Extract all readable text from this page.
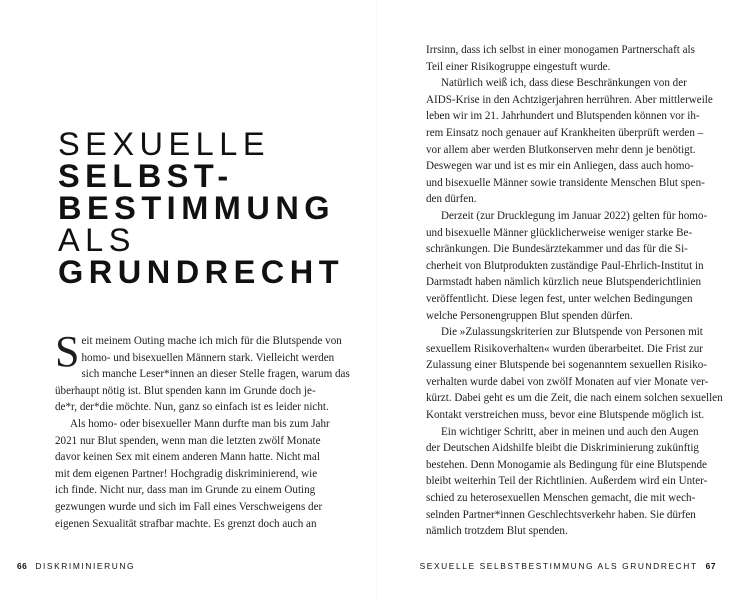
SEXUELLE
SELBST-
BESTIMMUNG
ALS
GRUNDRECHT
S eit meinem Outing mache ich mich für die Blutspende von

homo- und bisexuellen Männern stark. Vielleicht werden

sich manche Leser*innen an dieser Stelle fragen, warum das

überhaupt nötig ist. Blut spenden kann im Grunde doch je-

de*r, der*die möchte. Nun, ganz so einfach ist es leider nicht.

Als homo- oder bisexueller Mann durfte man bis zum Jahr

2021 nur Blut spenden, wenn man die letzten zwölf Monate

davor keinen Sex mit einem anderen Mann hatte. Nicht mal

mit dem eigenen Partner! Hochgradig diskriminierend, wie

ich finde. Nicht nur, dass man im Grunde zu einem Outing

gezwungen wurde und sich im Fall eines Verschweigens der

eigenen Sexualität strafbar machte. Es grenzt doch auch an

Irrsinn, dass ich selbst in einer monogamen Partnerschaft als

Teil einer Risikogruppe eingestuft wurde.

Natürlich weiß ich, dass diese Beschränkungen von der

AIDS-Krise in den Achtzigerjahren herrühren. Aber mittlerweile

leben wir im 21. Jahrhundert und Blutspenden können vor ih-

rem Einsatz noch genauer auf Krankheiten überprüft werden –

vor allem aber werden Blutkonserven mehr denn je benötigt.

Deswegen war und ist es mir ein Anliegen, dass auch homo-

und bisexuelle Männer sowie transidente Menschen Blut spen-

den dürfen.

Derzeit (zur Drucklegung im Januar 2022) gelten für homo-

und bisexuelle Männer glücklicherweise weniger starke Be-

schränkungen. Die Bundesärztekammer und das für die Si-

cherheit von Blutprodukten zuständige Paul-Ehrlich-Institut in

Darmstadt haben nämlich kürzlich neue Blutspenderichtlinien

veröffentlicht. Diese legen fest, unter welchen Bedingungen

welche Personengruppen Blut spenden dürfen.

Die »Zulassungskriterien zur Blutspende von Personen mit

sexuellem Risikoverhalten« wurden überarbeitet. Die Frist zur

Zulassung einer Blutspende bei sogenanntem sexuellen Risiko-

verhalten wurde dabei von zwölf Monaten auf vier Monate ver-

kürzt. Dabei geht es um die Zeit, die nach einem solchen sexuellen

Kontakt verstreichen muss, bevor eine Blutspende möglich ist.

Ein wichtiger Schritt, aber in meinen und auch den Augen

der Deutschen Aidshilfe bleibt die Diskriminierung zukünftig

bestehen. Denn Monogamie als Bedingung für eine Blutspende

bleibt weiterhin Teil der Richtlinien. Außerdem wird ein Unter-

schied zu heterosexuellen Menschen gemacht, die mit wech-

selnden Partner*innen Geschlechtsverkehr haben. Sie dürfen

nämlich trotzdem Blut spenden.

66 DISKRIMINIERUNG	SEXUELLE SELBSTBESTIMMUNG ALS GRUNDRECHT 67
